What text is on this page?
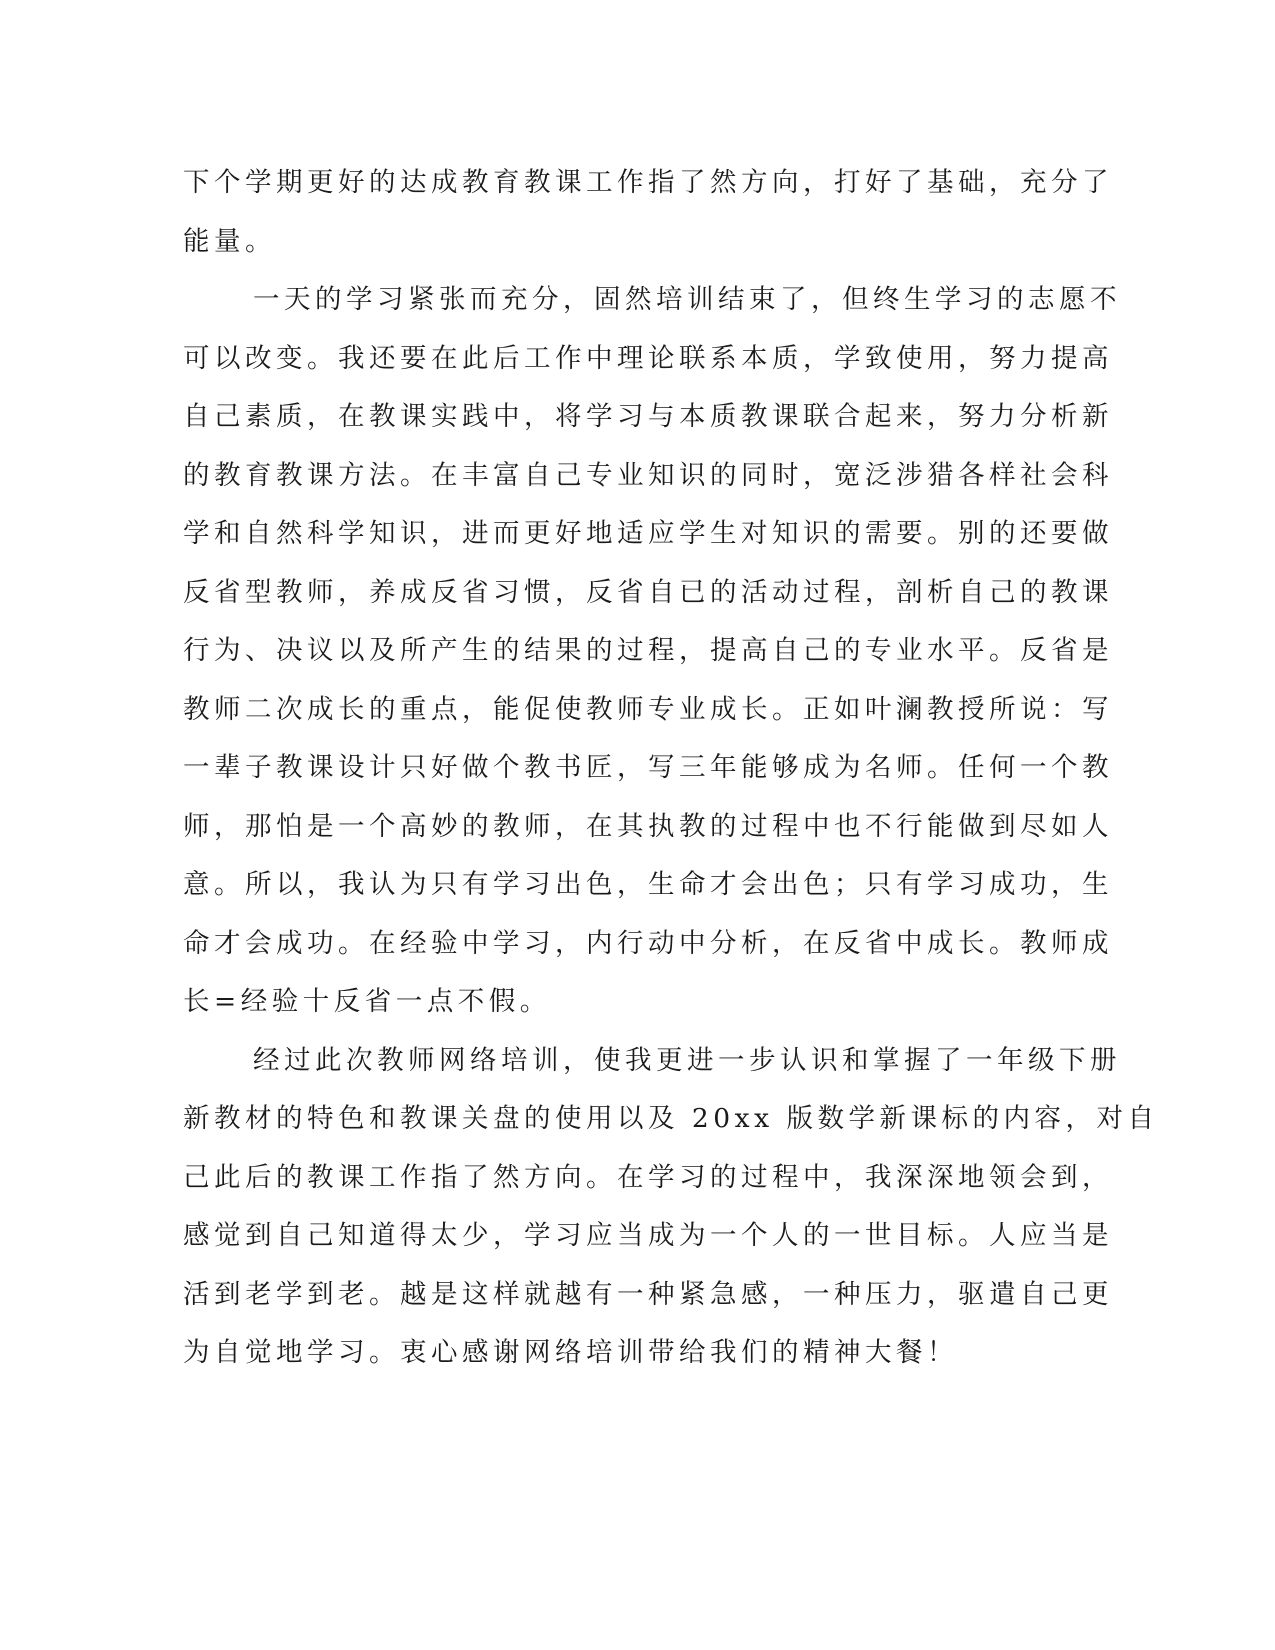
下个学期更好的达成教育教课工作指了然方向，打好了基础，充分了
能量。
一天的学习紧张而充分，固然培训结束了，但终生学习的志愿不
可以改变。我还要在此后工作中理论联系本质，学致使用，努力提高
自己素质，在教课实践中，将学习与本质教课联合起来，努力分析新
的教育教课方法。在丰富自己专业知识的同时，宽泛涉猎各样社会科
学和自然科学知识，进而更好地适应学生对知识的需要。别的还要做
反省型教师，养成反省习惯，反省自已的活动过程，剖析自己的教课
行为、决议以及所产生的结果的过程，提高自己的专业水平。反省是
教师二次成长的重点，能促使教师专业成长。正如叶澜教授所说：写
一辈子教课设计只好做个教书匠，写三年能够成为名师。任何一个教
师，那怕是一个高妙的教师，在其执教的过程中也不行能做到尽如人
意。所以，我认为只有学习出色，生命才会出色；只有学习成功，生
命才会成功。在经验中学习，内行动中分析，在反省中成长。教师成
长=经验十反省一点不假。
经过此次教师网络培训，使我更进一步认识和掌握了一年级下册
新教材的特色和教课关盘的使用以及 20xx 版数学新课标的内容，对自
己此后的教课工作指了然方向。在学习的过程中，我深深地领会到，
感觉到自己知道得太少，学习应当成为一个人的一世目标。人应当是
活到老学到老。越是这样就越有一种紧急感，一种压力，驱遣自己更
为自觉地学习。衷心感谢网络培训带给我们的精神大餐！
